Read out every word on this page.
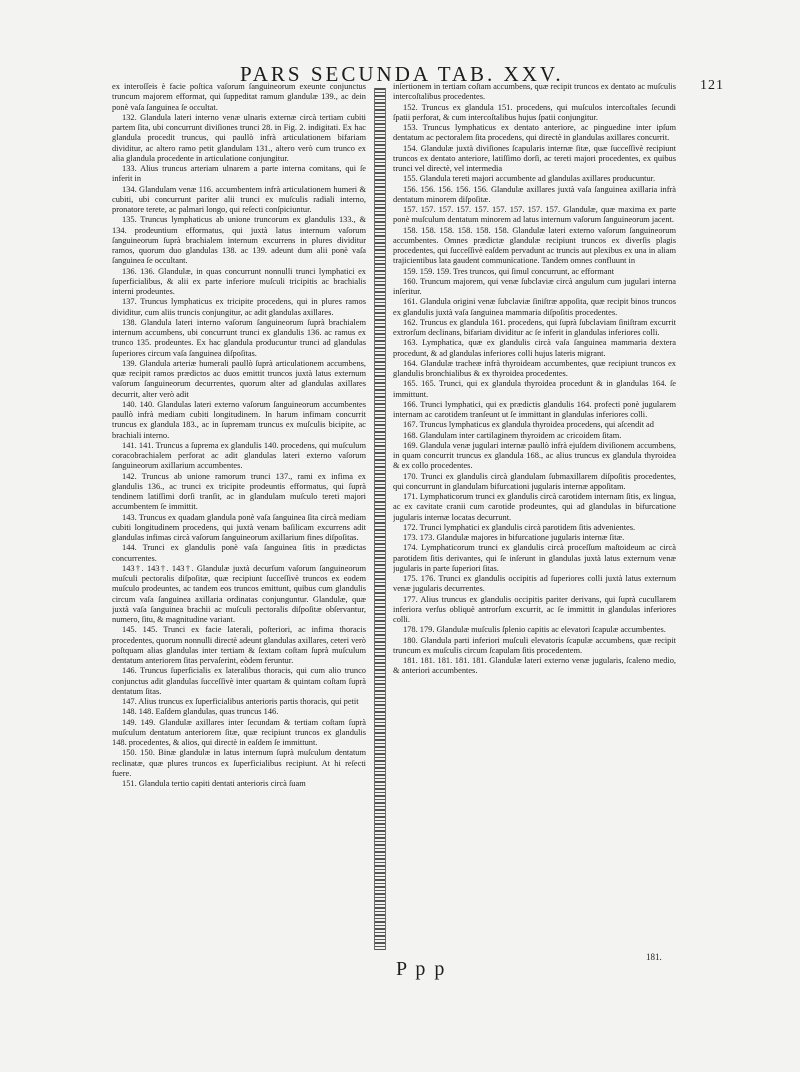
PARS SECUNDA TAB. XXV.	121

ex interoſſeis è facie poſtica vaſorum ſanguineorum exeunte conjunctus truncum majorem efformat, qui ſuppeditat ramum glandulæ 139., ac dein ponè vaſa ſanguinea ſe occultat.

132. Glandula lateri interno venæ ulnaris externæ circà tertiam cubiti partem ſita, ubi concurrunt diviſiones trunci 28. in Fig. 2. indigitati. Ex hac glandula procedit truncus, qui paullò infrà articulationem bifariam dividitur, ac altero ramo petit glandulam 131., altero verò cum trunco ex alia glandula procedente in articulatione conjungitur.

133. Alius truncus arteriam ulnarem a parte interna comitans, qui ſe inferit in

134. Glandulam venæ 116. accumbentem infrà articulationem humeri & cubiti, ubi concurrunt pariter alii trunci ex muſculis radiali interno, pronatore terete, ac palmari longo, qui reſecti conſpiciuntur.

135. Truncus lymphaticus ab unione truncorum ex glandulis 133., & 134. prodeuntium efformatus, qui juxtà latus internum vaſorum ſanguineorum ſuprà brachialem internum excurrens in plures dividitur ramos, quorum duo glandulas 138. ac 139. adeunt dum alii ponè vaſa ſanguinea ſe occultant.

136. 136. Glandulæ, in quas concurrunt nonnulli trunci lymphatici ex ſuperficialibus, & alii ex parte inferiore muſculi tricipitis ac brachialis interni prodeuntes.

137. Truncus lymphaticus ex tricipite procedens, qui in plures ramos dividitur, cum aliis truncis conjungitur, ac adit glandulas axillares.

138. Glandula lateri interno vaſorum ſanguineorum ſuprà brachialem internum accumbens, ubi concurrunt trunci ex glandulis 136. ac ramus ex trunco 135. prodeuntes. Ex hac glandula producuntur trunci ad glandulas ſuperiores circum vaſa ſanguinea diſpoſitas.

139. Glandula arteriæ humerali paullò ſuprà articulationem accumbens, quæ recipit ramos prædictos ac duos emittit truncos juxtà latus externum vaſorum ſanguineorum decurrentes, quorum alter ad glandulas axillares decurrit, alter verò adit

140. 140. Glandulas lateri externo vaſorum ſanguineorum accumbentes paullò infrà mediam cubiti longitudinem. In harum infimam concurrit truncus ex glandula 183., ac in ſupremam truncus ex muſculis bicipite, ac brachiali interno.

141. 141. Truncus a ſuprema ex glandulis 140. procedens, qui muſculum coracobrachialem perforat ac adit glandulas lateri externo vaſorum ſanguineorum axillarium accumbentes.

142. Truncus ab unione ramorum trunci 137., rami ex infima ex glandulis 136., ac trunci ex tricipite prodeuntis efformatus, qui ſuprà tendinem latiſſimi dorſi tranſit, ac in glandulam muſculo tereti majori accumbentem ſe immittit.

143. Truncus ex quadam glandula ponè vaſa ſanguinea ſita circà mediam cubiti longitudinem procedens, qui juxtà venam baſilicam excurrens adit glandulas infimas circà vaſorum ſanguineorum axillarium fines diſpoſitas.

144. Trunci ex glandulis ponè vaſa ſanguinea ſitis in prædictas concurrentes.

143†. 143†. 143†. Glandulæ juxtà decurſum vaſorum ſanguineorum muſculi pectoralis diſpoſitæ, quæ recipiunt ſucceſſivè truncos ex eodem muſculo prodeuntes, ac tandem eos truncos emittunt, quibus cum glandulis circum vaſa ſanguinea axillaria ordinatas conjunguntur. Glandulæ, quæ juxtà vaſa ſanguinea brachii ac muſculi pectoralis diſpoſitæ obſervantur, numero, ſitu, & magnitudine variant.

145. 145. Trunci ex facie laterali, poſteriori, ac infima thoracis procedentes, quorum nonnulli directè adeunt glandulas axillares, ceteri verò poſtquam alias glandulas inter tertiam & ſextam coſtam ſuprà muſculum dentatum anteriorem ſitas pervaſerint, eòdem feruntur.

146. Truncus ſuperficialis ex lateralibus thoracis, qui cum alio trunco conjunctus adit glandulas ſucceſſivè inter quartam & quintam coſtam ſuprà dentatum ſitas.

147. Alius truncus ex ſuperficialibus anterioris partis thoracis, qui petit

148. 148. Eaſdem glandulas, quas truncus 146.

149. 149. Glandulæ axillares inter ſecundam & tertiam coſtam ſuprà muſculum dentatum anteriorem ſitæ, quæ recipiunt truncos ex glandulis 148. procedentes, & alios, qui directè in eaſdem ſe immittunt.

150. 150. Binæ glandulæ in latus internum ſuprà muſculum dentatum reclinatæ, quæ plures truncos ex ſuperficialibus recipiunt. At hi reſecti fuere.

151. Glandula tertio capiti dentati anterioris circà ſuam

inſertionem in tertiam coſtam accumbens, quæ recipit truncos ex dentato ac muſculis intercoſtalibus procedentes.

152. Truncus ex glandula 151. procedens, qui muſculos intercoſtales ſecundi ſpatii perforat, & cum intercoſtalibus hujus ſpatii conjungitur.

153. Truncus lymphaticus ex dentato anteriore, ac pinguedine inter ipſum dentatum ac pectoralem ſita procedens, qui directè in glandulas axillares concurrit.

154. Glandulæ juxtà diviſiones ſcapularis internæ ſitæ, quæ ſucceſſivè recipiunt truncos ex dentato anteriore, latiſſimo dorſi, ac tereti majori procedentes, ex quibus trunci vel directè, vel intermedia

155. Glandula tereti majori accumbente ad glandulas axillares producuntur.

156. 156. 156. 156. 156. Glandulæ axillares juxtà vaſa ſanguinea axillaria infrà dentatum minorem diſpoſitæ.

157. 157. 157. 157. 157. 157. 157. 157. 157. Glandulæ, quæ maxima ex parte ponè muſculum dentatum minorem ad latus internum vaſorum ſanguineorum jacent.

158. 158. 158. 158. 158. 158. Glandulæ lateri externo vaſorum ſanguineorum accumbentes. Omnes prædictæ glandulæ recipiunt truncos ex diverſis plagis procedentes, qui ſucceſſivè eaſdem pervadunt ac truncis aut plexibus ex una in aliam trajicientibus lata gaudent communicatione. Tandem omnes confluunt in

159. 159. 159. Tres truncos, qui ſimul concurrunt, ac efformant

160. Truncum majorem, qui venæ ſubclaviæ circà angulum cum jugulari interna inſeritur.

161. Glandula origini venæ ſubclaviæ ſiniſtræ appoſita, quæ recipit binos truncos ex glandulis juxtà vaſa ſanguinea mammaria diſpoſitis procedentes.

162. Truncus ex glandula 161. procedens, qui ſuprà ſubclaviam ſiniſtram excurrit extrorſum declinans, bifariam dividitur ac ſe inferit in glandulas inferiores colli.

163. Lymphatica, quæ ex glandulis circà vaſa ſanguinea mammaria dextera procedunt, & ad glandulas inferiores colli hujus lateris migrant.

164. Glandulæ tracheæ infrà thyroideam accumbentes, quæ recipiunt truncos ex glandulis bronchialibus & ex thyroidea procedentes.

165. 165. Trunci, qui ex glandula thyroidea procedunt & in glandulas 164. ſe immittunt.

166. Trunci lymphatici, qui ex prædictis glandulis 164. profecti ponè jugularem internam ac carotidem tranſeunt ut ſe immittant in glandulas inferiores colli.

167. Truncus lymphaticus ex glandula thyroidea procedens, qui aſcendit ad

168. Glandulam inter cartilaginem thyroidem ac cricoidem ſitam.

169. Glandula venæ jugulari internæ paullò infrà ejuſdem diviſionem accumbens, in quam concurrit truncus ex glandula 168., ac alius truncus ex glandula thyroidea & ex collo procedentes.

170. Trunci ex glandulis circà glandulam ſubmaxillarem diſpoſitis procedentes, qui concurrunt in glandulam bifurcationi jugularis internæ appoſitam.

171. Lymphaticorum trunci ex glandulis circà carotidem internam ſitis, ex lingua, ac ex cavitate cranii cum carotide prodeuntes, qui ad glandulas in bifurcatione jugularis internæ locatas decurrunt.

172. Trunci lymphatici ex glandulis circà parotidem ſitis advenientes.

173. 173. Glandulæ majores in bifurcatione jugularis internæ ſitæ.

174. Lymphaticorum trunci ex glandulis circà proceſſum maſtoideum ac circà parotidem ſitis derivantes, qui ſe inſerunt in glandulas juxtà latus externum venæ jugularis in parte ſuperiori ſitas.

175. 176. Trunci ex glandulis occipitis ad ſuperiores colli juxtà latus externum venæ jugularis decurrentes.

177. Alius truncus ex glandulis occipitis pariter derivans, qui ſuprà cucullarem inferiora verſus obliquè antrorſum excurrit, ac ſe immittit in glandulas inferiores colli.

178. 179. Glandulæ muſculis ſplenio capitis ac elevatori ſcapulæ accumbentes.

180. Glandula parti inferiori muſculi elevatoris ſcapulæ accumbens, quæ recipit truncum ex muſculis circum ſcapulam ſitis procedentem.

181. 181. 181. 181. 181. Glandulæ lateri externo venæ jugularis, ſcaleno medio, & anteriori accumbentes.

P p p
181.
